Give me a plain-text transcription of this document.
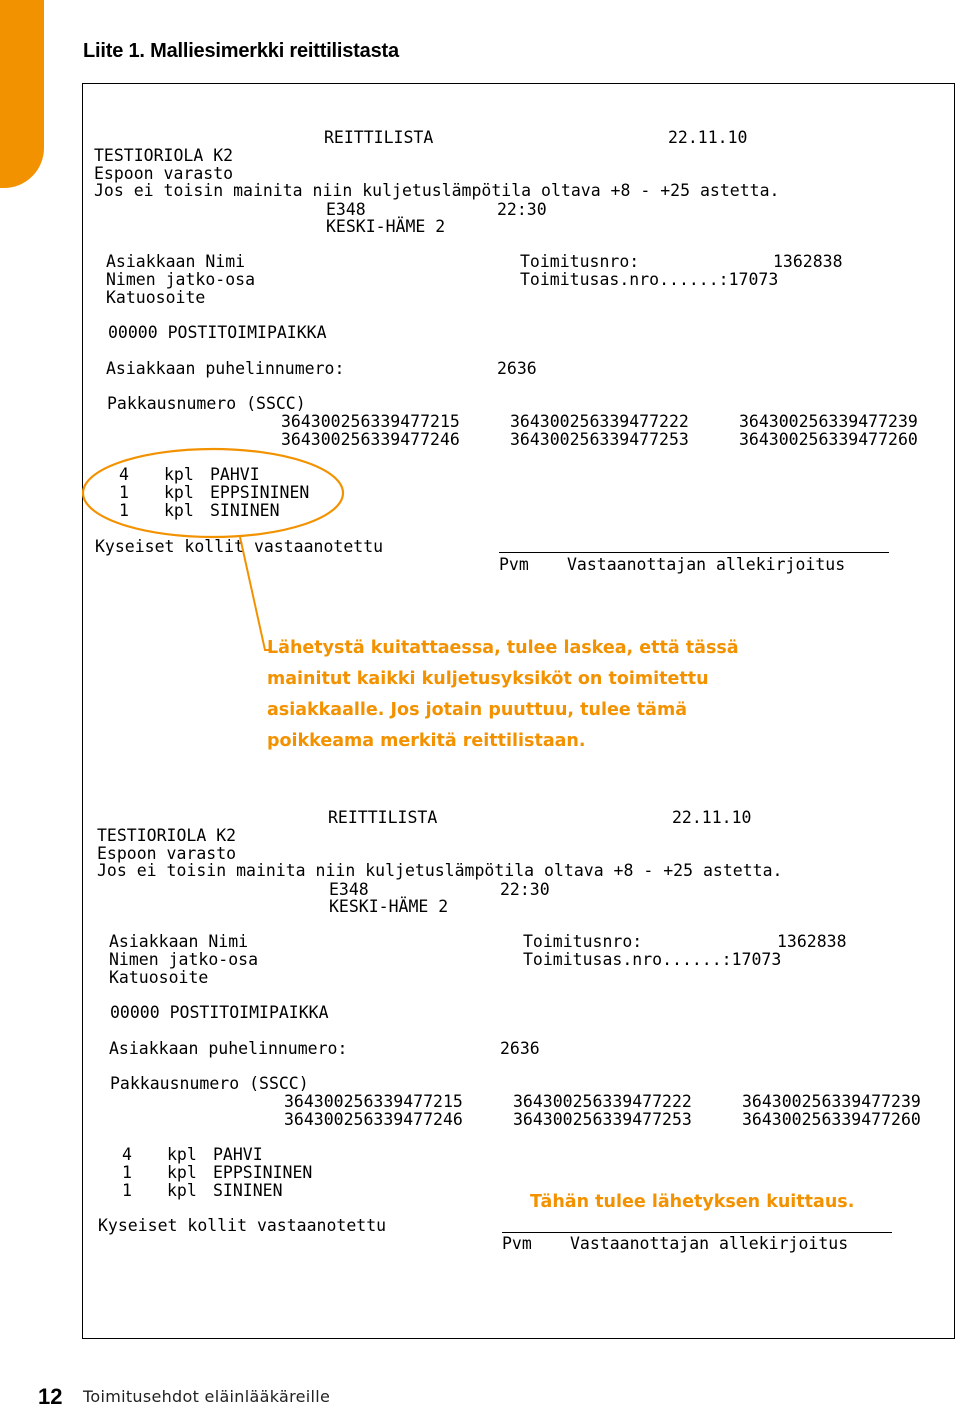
Liite 1. Malliesimerkki reittilistasta
REITTILISTA	22.11.10
TESTIORIOLA K2
Espoon varasto
Jos ei toisin mainita niin kuljetuslämpötila oltava +8 - +25 astetta.
E348	22:30
KESKI-HÄME 2
Asiakkaan Nimi
Nimen jatko-osa
Katuosoite
Toimitusnro:	1362838
Toimitusas.nro......:17073
00000 POSTITOIMIPAIKKA
Asiakkaan puhelinnumero:	2636
Pakkausnumero (SSCC)
364300256339477215	364300256339477222	364300256339477239
364300256339477246	364300256339477253	364300256339477260
4 kpl PAHVI
1 kpl EPPSININEN
1 kpl SININEN
Kyseiset kollit vastaanotettu
Pvm Vastaanottajan allekirjoitus
Lähetystä kuitattaessa, tulee laskea, että tässä
mainitut kaikki kuljetusyksiköt on toimitettu
asiakkaalle. Jos jotain puuttuu, tulee tämä
poikkeama merkitä reittilistaan.
REITTILISTA	22.11.10
TESTIORIOLA K2
Espoon varasto
Jos ei toisin mainita niin kuljetuslämpötila oltava +8 - +25 astetta.
E348	22:30
KESKI-HÄME 2
Asiakkaan Nimi
Nimen jatko-osa
Katuosoite
Toimitusnro:	1362838
Toimitusas.nro......:17073
00000 POSTITOIMIPAIKKA
Asiakkaan puhelinnumero:	2636
Pakkausnumero (SSCC)
364300256339477215	364300256339477222	364300256339477239
364300256339477246	364300256339477253	364300256339477260
4 kpl PAHVI
1 kpl EPPSININEN
1 kpl SININEN
Kyseiset kollit vastaanotettu
Pvm Vastaanottajan allekirjoitus
Tähän tulee lähetyksen kuittaus.
12 Toimitusehdot eläinlääkäreille
